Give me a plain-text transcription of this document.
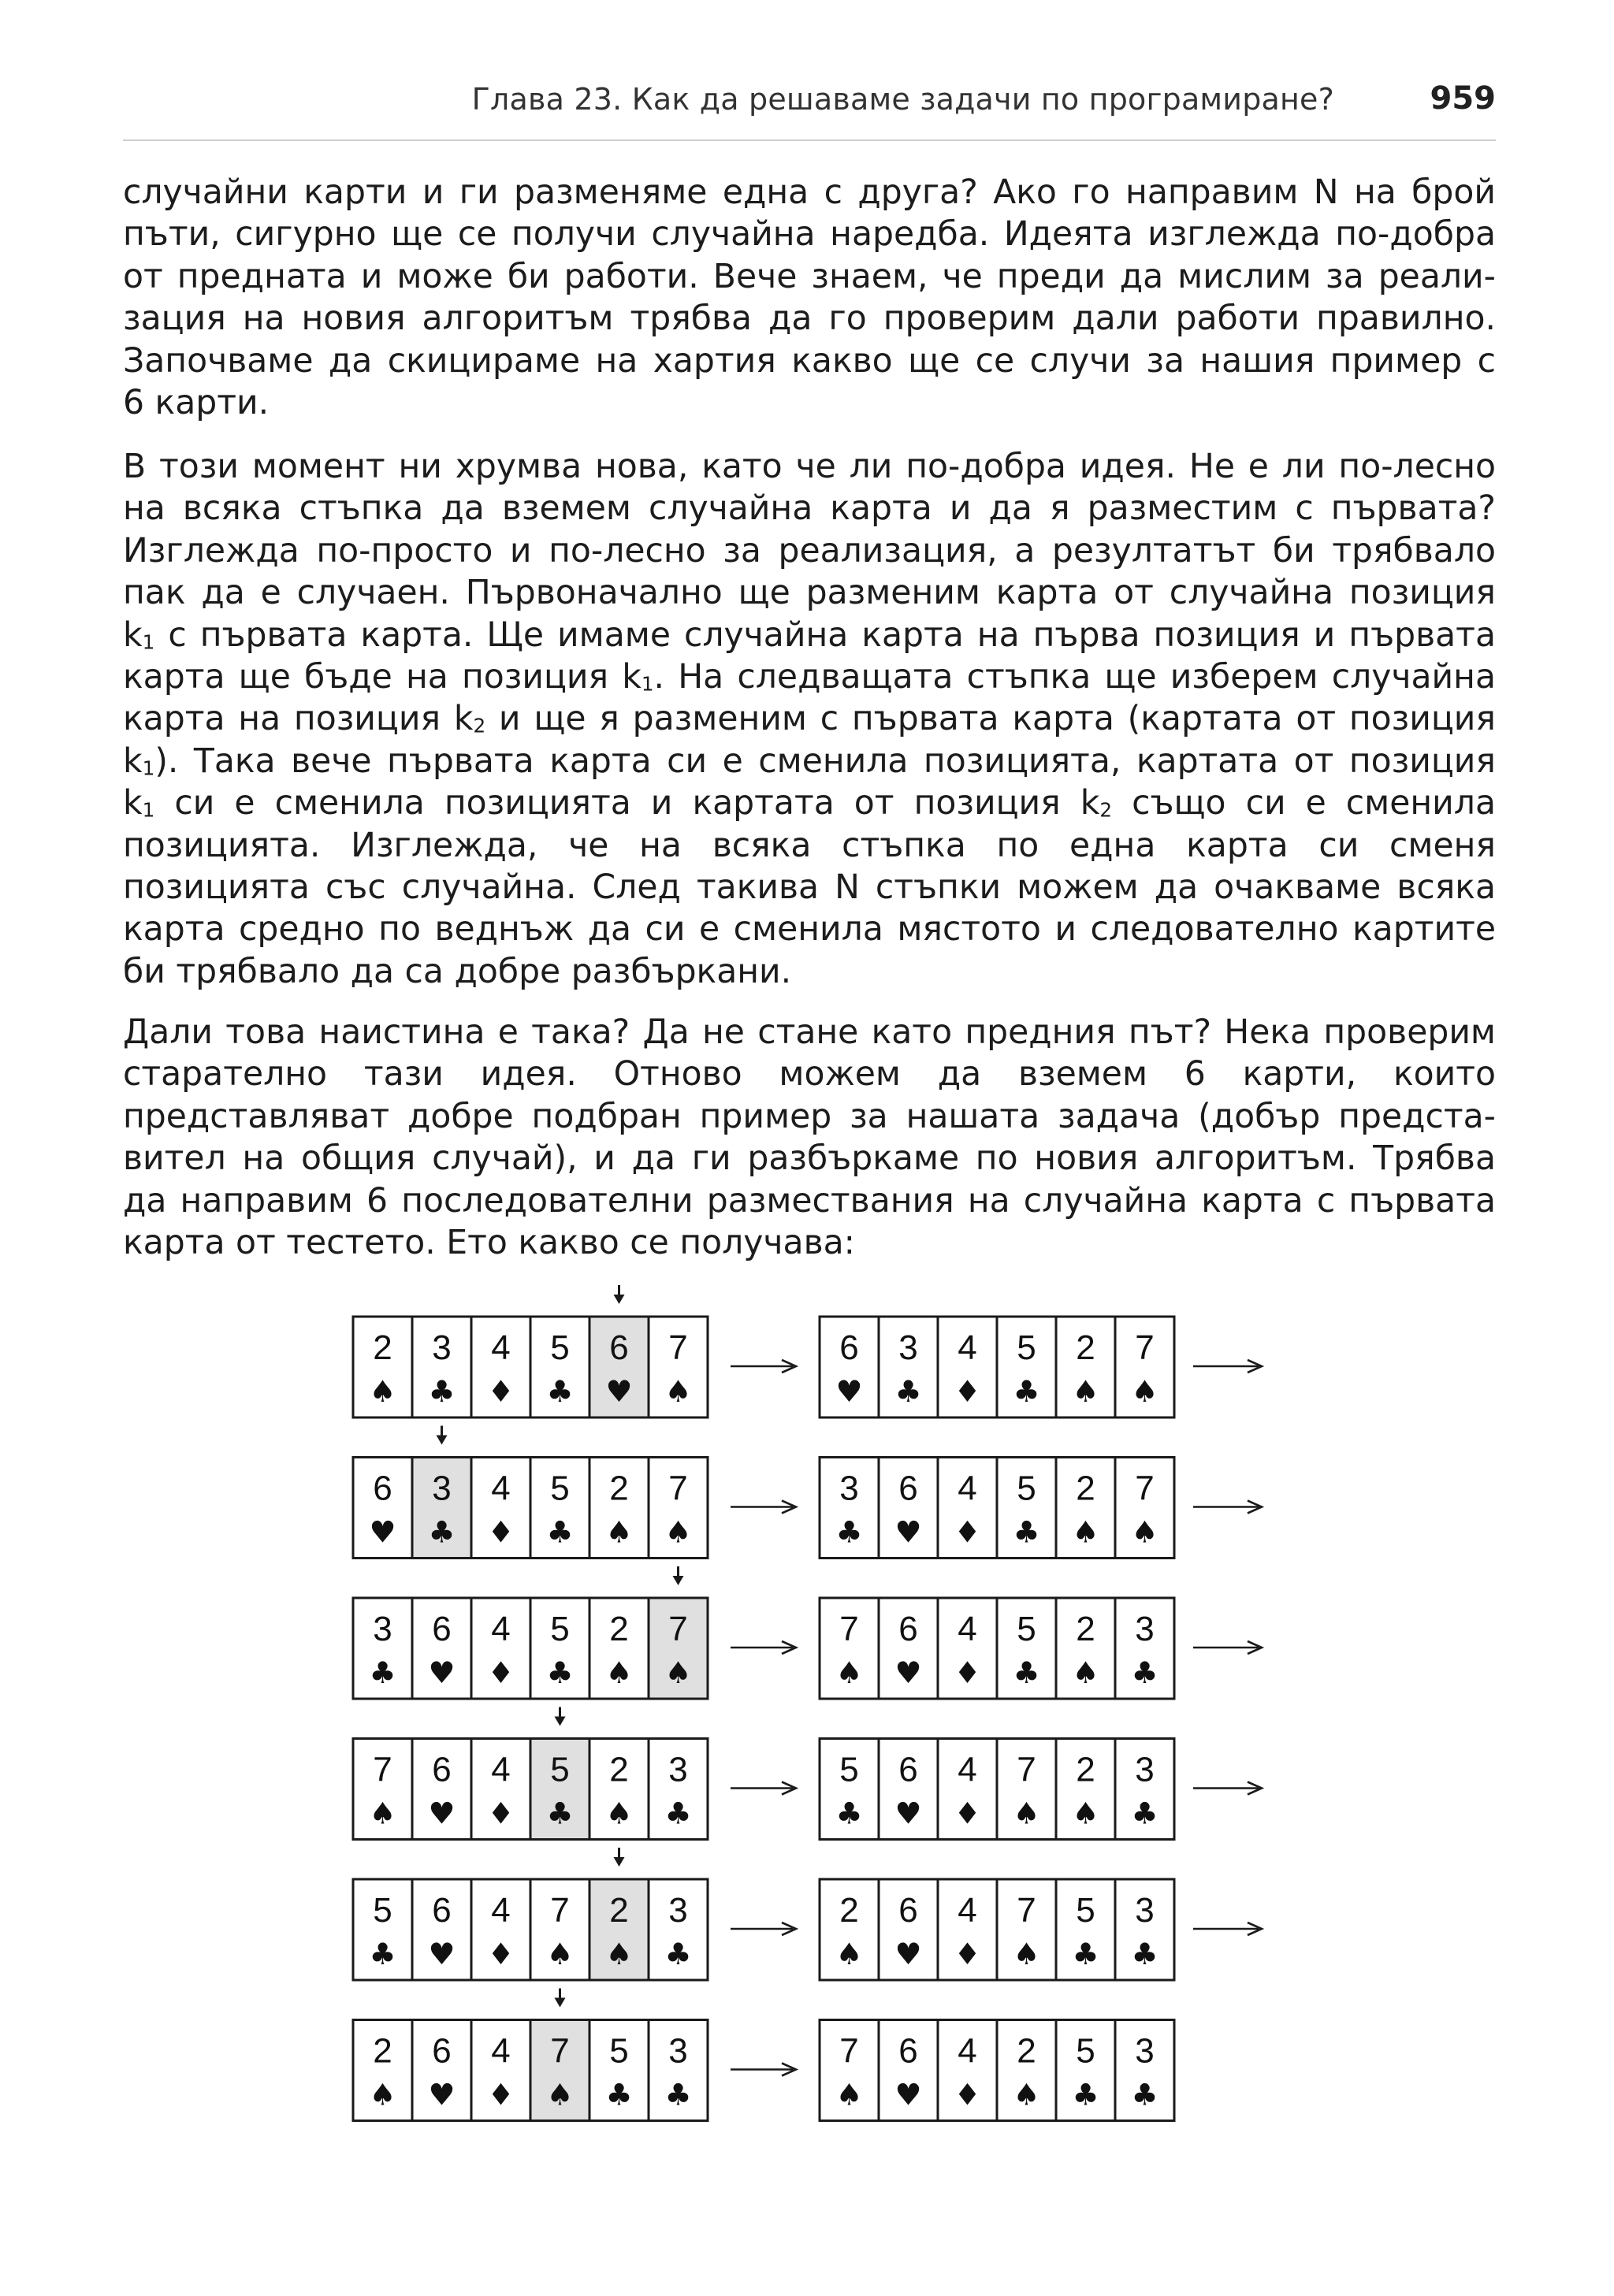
Глава 23. Как да решаваме задачи по програмиране?	959
случайни карти и ги разменяме една с друга? Ако го направим N на брой
пъти, сигурно ще се получи случайна наредба. Идеята изглежда по-добра
от предната и може би работи. Вече знаем, че преди да мислим за реали-
зация на новия алгоритъм трябва да го проверим дали работи правилно.
Започваме да скицираме на хартия какво ще се случи за нашия пример с
6 карти.
В този момент ни хрумва нова, като че ли по-добра идея. Не е ли по-лесно
на всяка стъпка да вземем случайна карта и да я разместим с първата?
Изглежда по-просто и по-лесно за реализация, а резултатът би трябвало
пак да е случаен. Първоначално ще разменим карта от случайна позиция
$k_1$ с първата карта. Ще имаме случайна карта на първа позиция и първата
карта ще бъде на позиция $k_1$. На следващата стъпка ще изберем случайна
карта на позиция $k_2$ и ще я разменим с първата карта (картата от позиция
$k_1$). Така вече първата карта си е сменила позицията, картата от позиция
$k_1$ си е сменила позицията и картата от позиция $k_2$ също си е сменила
позицията. Изглежда, че на всяка стъпка по една карта си сменя
позицията със случайна. След такива N стъпки можем да очакваме всяка
карта средно по веднъж да си е сменила мястото и следователно картите
би трябвало да са добре разбъркани.
Дали това наистина е така? Да не стане като предния път? Нека проверим
старателно тази идея. Отново можем да вземем 6 карти, които
представляват добре подбран пример за нашата задача (добър предста-
вител на общия случай), и да ги разбъркаме по новия алгоритъм. Трябва
да направим 6 последователни размествания на случайна карта с първата
карта от тестето. Ето какво се получава:
2
♠
3
♣
4
♦
5
♣
6
♥
7
♠
6
♥
3
♣
4
♦
5
♣
2
♠
7
♠
6
♥
3
♣
4
♦
5
♣
2
♠
7
♠
3
♣
6
♥
4
♦
5
♣
2
♠
7
♠
3
♣
6
♥
4
♦
5
♣
2
♠
7
♠
7
♠
6
♥
4
♦
5
♣
2
♠
3
♣
7
♠
6
♥
4
♦
5
♣
2
♠
3
♣
5
♣
6
♥
4
♦
7
♠
2
♠
3
♣
5
♣
6
♥
4
♦
7
♠
2
♠
3
♣
2
♠
6
♥
4
♦
7
♠
5
♣
3
♣
2
♠
6
♥
4
♦
7
♠
5
♣
3
♣
7
♠
6
♥
4
♦
2
♠
5
♣
3
♣
